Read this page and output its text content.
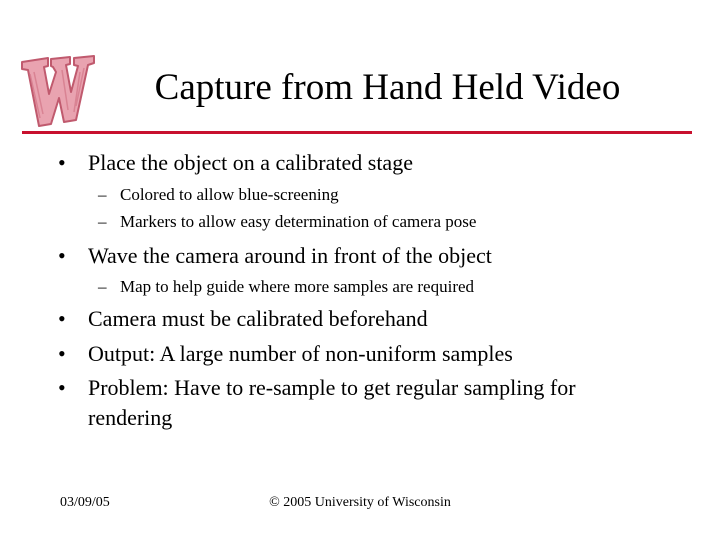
Capture from Hand Held Video
• Place the object on a calibrated stage
– Colored to allow blue-screening
– Markers to allow easy determination of camera pose
• Wave the camera around in front of the object
– Map to help guide where more samples are required
• Camera must be calibrated beforehand
• Output: A large number of non-uniform samples
• Problem: Have to re-sample to get regular sampling for rendering
03/09/05	© 2005 University of Wisconsin
